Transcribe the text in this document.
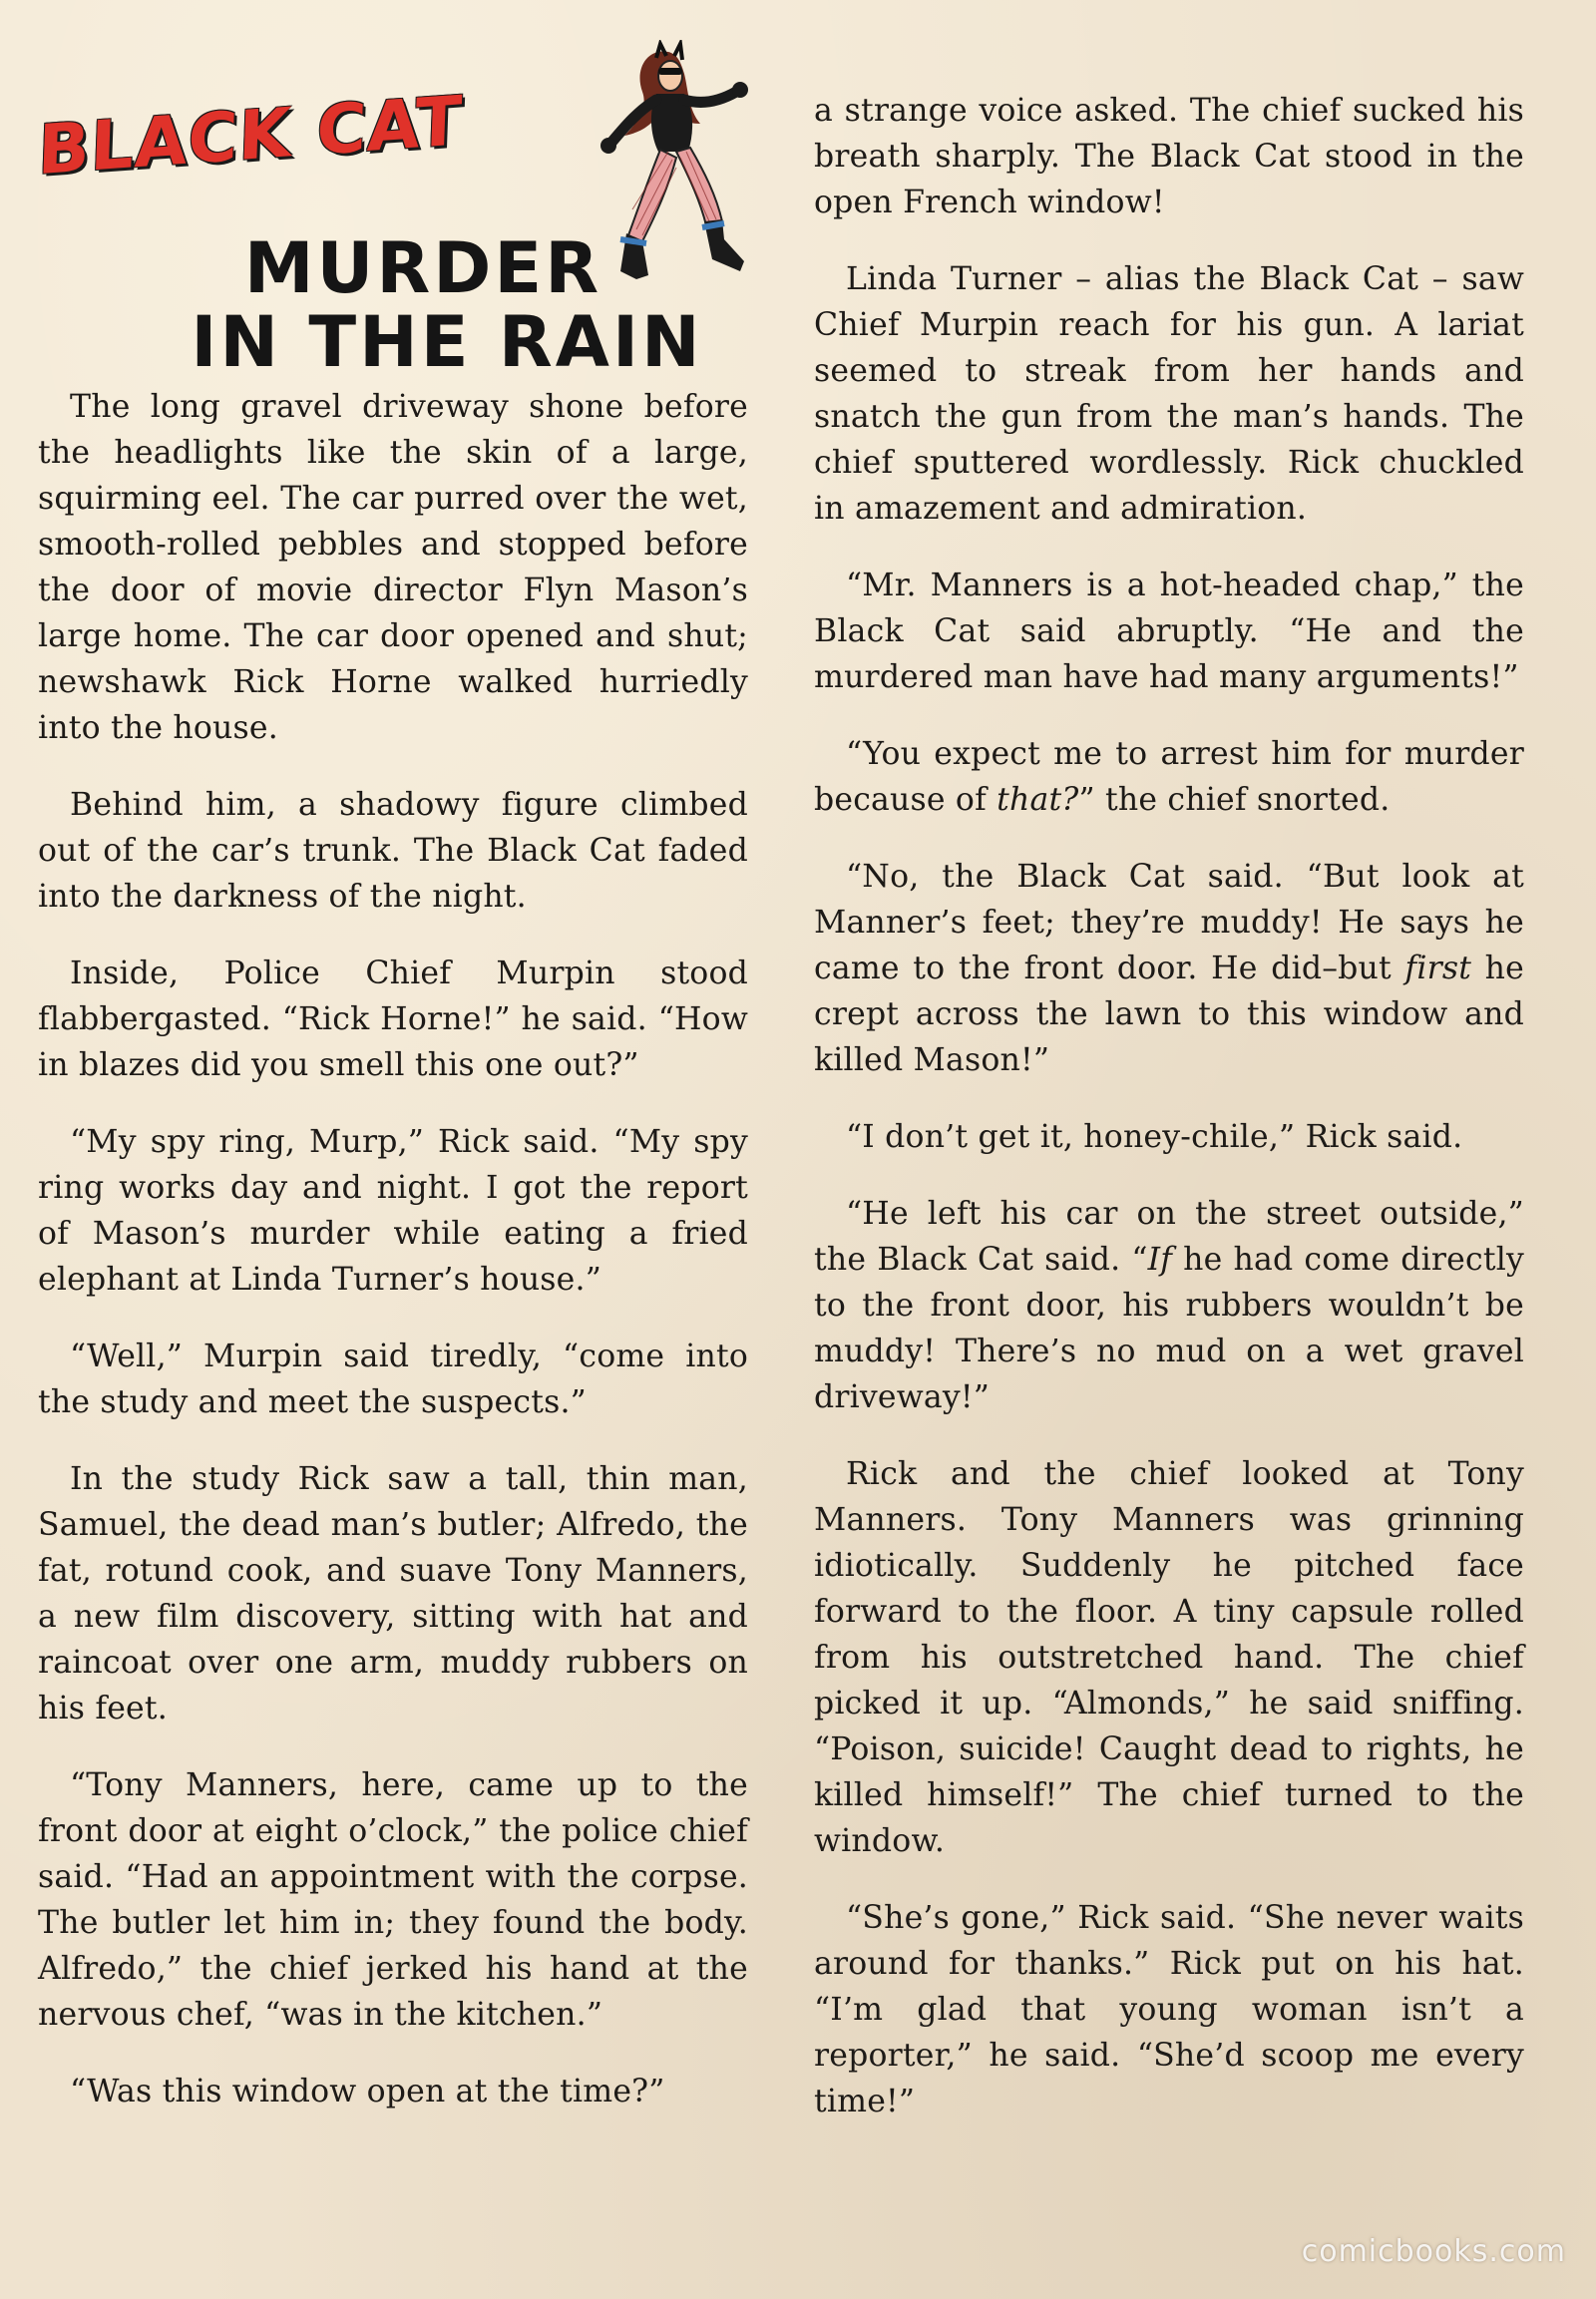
BLACK CAT
MURDER
IN THE RAIN

The long gravel driveway shone before the headlights like the skin of a large, squirming eel. The car purred over the wet, smooth-rolled pebbles and stopped before the door of movie director Flyn Mason’s large home. The car door opened and shut; newshawk Rick Horne walked hurriedly into the house.

Behind him, a shadowy figure climbed out of the car’s trunk. The Black Cat faded into the darkness of the night.

Inside, Police Chief Murpin stood flabbergasted. “Rick Horne!” he said. “How in blazes did you smell this one out?”

“My spy ring, Murp,” Rick said. “My spy ring works day and night. I got the report of Mason’s murder while eating a fried elephant at Linda Turner’s house.”

“Well,” Murpin said tiredly, “come into the study and meet the suspects.”

In the study Rick saw a tall, thin man, Samuel, the dead man’s butler; Alfredo, the fat, rotund cook, and suave Tony Manners, a new film discovery, sitting with hat and raincoat over one arm, muddy rubbers on his feet.

“Tony Manners, here, came up to the front door at eight o’clock,” the police chief said. “Had an appointment with the corpse. The butler let him in; they found the body. Alfredo,” the chief jerked his hand at the nervous chef, “was in the kitchen.”

“Was this window open at the time?”

a strange voice asked. The chief sucked his breath sharply. The Black Cat stood in the open French window!

Linda Turner – alias the Black Cat – saw Chief Murpin reach for his gun. A lariat seemed to streak from her hands and snatch the gun from the man’s hands. The chief sputtered wordlessly. Rick chuckled in amazement and admiration.

“Mr. Manners is a hot-headed chap,” the Black Cat said abruptly. “He and the murdered man have had many arguments!”

“You expect me to arrest him for murder because of that?” the chief snorted.

“No, the Black Cat said. “But look at Manner’s feet; they’re muddy! He says he came to the front door. He did–but first he crept across the lawn to this window and killed Mason!”

“I don’t get it, honey-chile,” Rick said.

“He left his car on the street outside,” the Black Cat said. “If he had come directly to the front door, his rubbers wouldn’t be muddy! There’s no mud on a wet gravel driveway!”

Rick and the chief looked at Tony Manners. Tony Manners was grinning idiotically. Suddenly he pitched face forward to the floor. A tiny capsule rolled from his outstretched hand. The chief picked it up. “Almonds,” he said sniffing. “Poison, suicide! Caught dead to rights, he killed himself!” The chief turned to the window.

“She’s gone,” Rick said. “She never waits around for thanks.” Rick put on his hat. “I’m glad that young woman isn’t a reporter,” he said. “She’d scoop me every time!”

comicbooks.com
